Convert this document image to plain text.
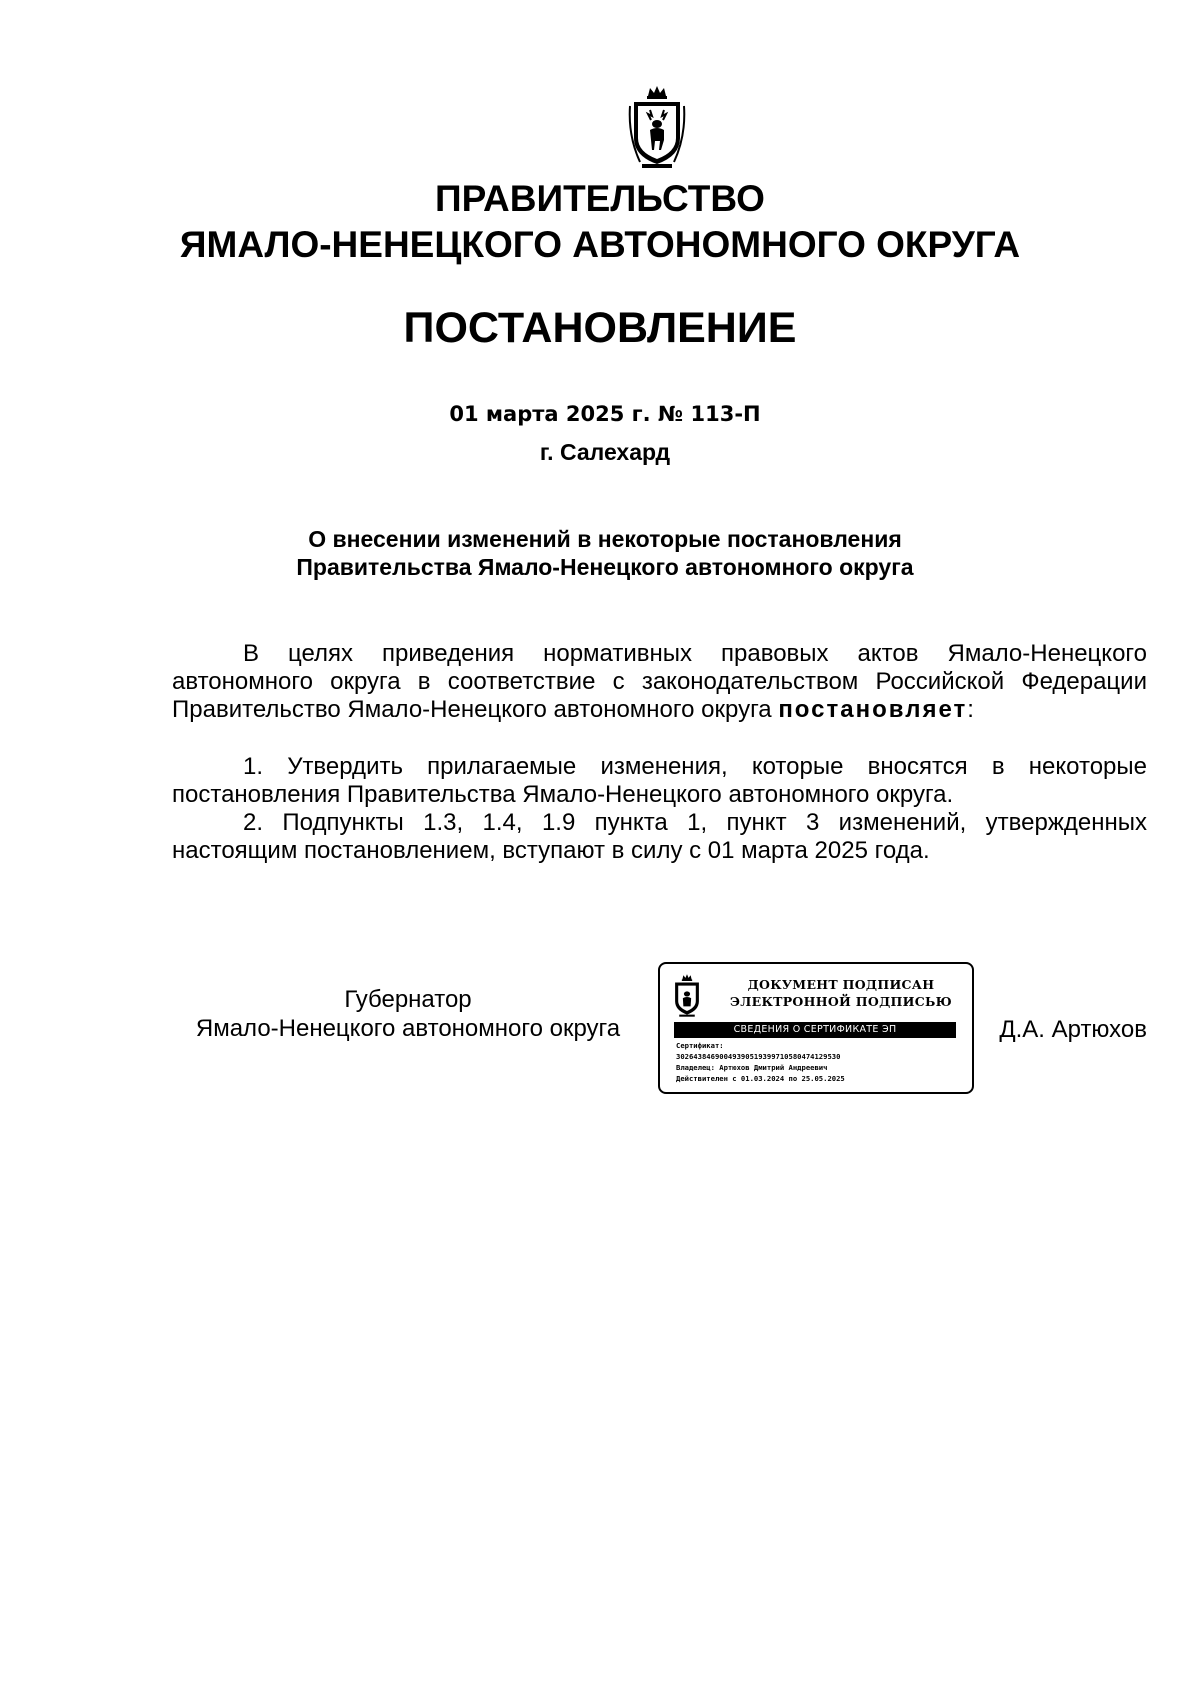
ПРАВИТЕЛЬСТВО
ЯМАЛО-НЕНЕЦКОГО АВТОНОМНОГО ОКРУГА
ПОСТАНОВЛЕНИЕ

01 марта 2025 г. № 113-П

г. Салехард

О внесении изменений в некоторые постановления
Правительства Ямало-Ненецкого автономного округа

В целях приведения нормативных правовых актов Ямало-Ненецкого автономного округа в соответствие с законодательством Российской Федерации Правительство Ямало-Ненецкого автономного округа постановляет:

1. Утвердить прилагаемые изменения, которые вносятся в некоторые постановления Правительства Ямало-Ненецкого автономного округа.

2. Подпункты 1.3, 1.4, 1.9 пункта 1, пункт 3 изменений, утвержденных настоящим постановлением, вступают в силу с 01 марта 2025 года.

Губернатор
Ямало-Ненецкого автономного округа
ДОКУМЕНТ ПОДПИСАН
ЭЛЕКТРОННОЙ ПОДПИСЬЮ
СВЕДЕНИЯ О СЕРТИФИКАТЕ ЭП
Сертификат:
3026438469004939051939971058047412953​0
Владелец: Артюхов Дмитрий Андреевич
Действителен с 01.03.2024 по 25.05.2025
Д.А. Артюхов
